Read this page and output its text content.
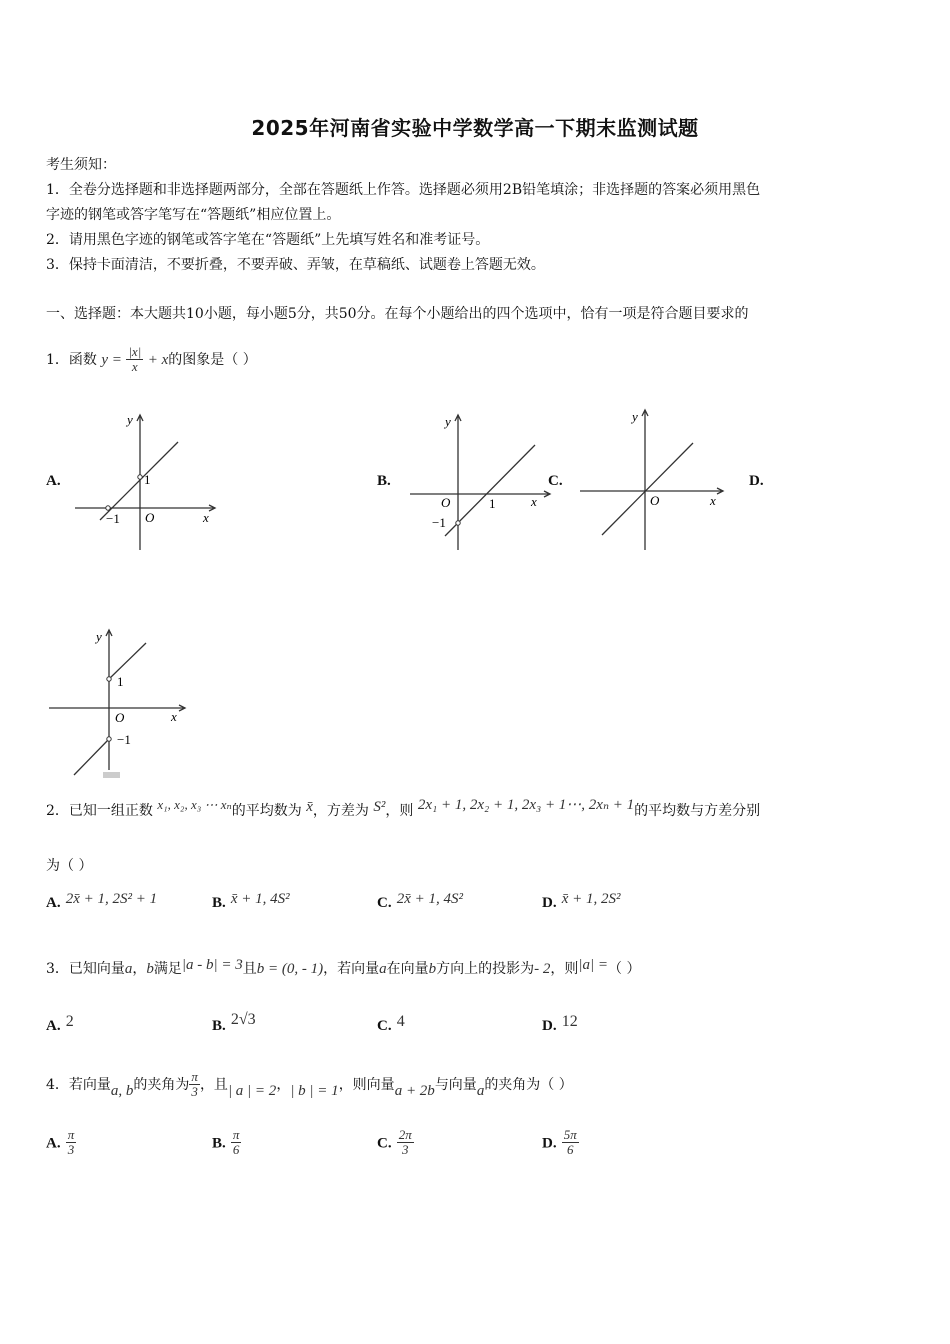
2025年河南省实验中学数学高一下期末监测试题
考生须知：
1．全卷分选择题和非选择题两部分，全部在答题纸上作答。选择题必须用2B铅笔填涂；非选择题的答案必须用黑色
字迹的钢笔或答字笔写在“答题纸”相应位置上。
2．请用黑色字迹的钢笔或答字笔在“答题纸”上先填写姓名和准考证号。
3．保持卡面清洁，不要折叠，不要弄破、弄皱，在草稿纸、试题卷上答题无效。
一、选择题：本大题共10小题，每小题5分，共50分。在每个小题给出的四个选项中，恰有一项是符合题目要求的
1．函数 $y = \frac{|x|}{x} + x$的图象是（ ）
A.	B.	C.	D.
y
x
O
1
−1
y
x
O	1
−1
y
x
O
y
x
O
1
−1
2．已知一组正数 x₁, x₂, x₃ ⋯ xₙ的平均数为 x̄，方差为 S²，则 2x₁ + 1, 2x₂ + 1, 2x₃ + 1⋯, 2xₙ + 1的平均数与方差分别
为（ ）
A. 2x̄ + 1, 2S² + 1	B. x̄ + 1, 4S²	C. 2x̄ + 1, 4S²	D. x̄ + 1, 2S²
3．已知向量a，b满足|a - b| = 3且b = (0, - 1)，若向量a在向量b方向上的投影为- 2，则|a| =（ ）
A. 2	B. 2√3	C. 4	D. 12
4．若向量a, b的夹角为 $\frac{\pi}{3}$ ，且| a | = 2，| b | = 1，则向量a + 2b与向量a的夹角为（ ）
A. $\frac{\pi}{3}$	B. $\frac{\pi}{6}$	C. $\frac{2\pi}{3}$	D. $\frac{5\pi}{6}$
